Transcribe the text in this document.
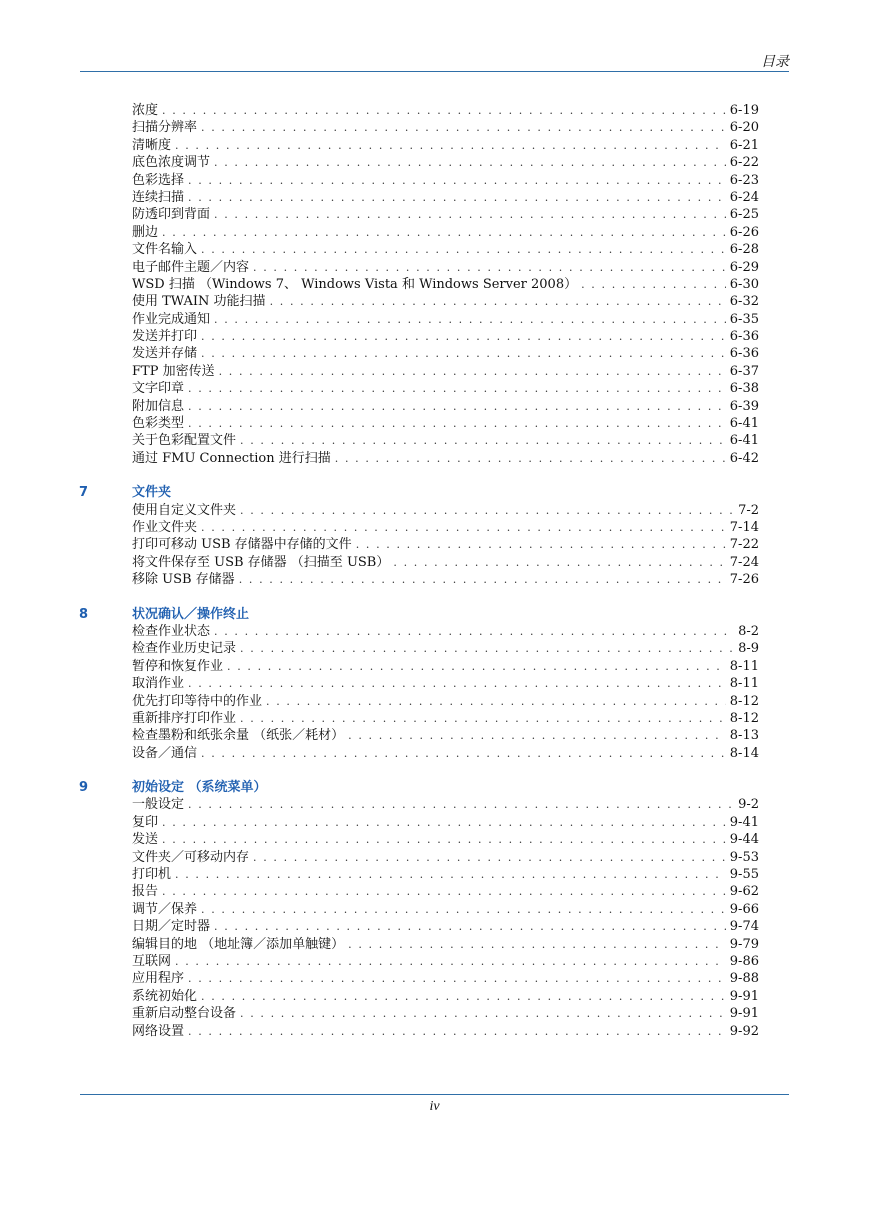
目录
浓度 . . .	6-19
扫描分辨率 . . .	6-20
清晰度 . . .	6-21
底色浓度调节 . . .	6-22
色彩选择 . . .	6-23
连续扫描 . . .	6-24
防透印到背面 . . .	6-25
删边 . . .	6-26
文件名输入 . . .	6-28
电子邮件主题／内容 . . .	6-29
WSD 扫描 （Windows 7、 Windows Vista 和 Windows Server 2008） . . .	6-30
使用 TWAIN 功能扫描 . . .	6-32
作业完成通知 . . .	6-35
发送并打印 . . .	6-36
发送并存储 . . .	6-36
FTP 加密传送 . . .	6-37
文字印章 . . .	6-38
附加信息 . . .	6-39
色彩类型 . . .	6-41
关于色彩配置文件 . . .	6-41
通过 FMU Connection 进行扫描 . . .	6-42
7	文件夹
使用自定义文件夹 . . .	7-2
作业文件夹 . . .	7-14
打印可移动 USB 存储器中存储的文件 . . .	7-22
将文件保存至 USB 存储器 （扫描至 USB） . . .	7-24
移除 USB 存储器 . . .	7-26
8	状况确认／操作终止
检查作业状态 . . .	8-2
检查作业历史记录 . . .	8-9
暂停和恢复作业 . . .	8-11
取消作业 . . .	8-11
优先打印等待中的作业 . . .	8-12
重新排序打印作业 . . .	8-12
检查墨粉和纸张余量 （纸张／耗材） . . .	8-13
设备／通信 . . .	8-14
9	初始设定 （系统菜单）
一般设定 . . .	9-2
复印 . . .	9-41
发送 . . .	9-44
文件夹／可移动内存 . . .	9-53
打印机 . . .	9-55
报告 . . .	9-62
调节／保养 . . .	9-66
日期／定时器 . . .	9-74
编辑目的地 （地址簿／添加单触键） . . .	9-79
互联网 . . .	9-86
应用程序 . . .	9-88
系统初始化 . . .	9-91
重新启动整台设备 . . .	9-91
网络设置 . . .	9-92
iv
